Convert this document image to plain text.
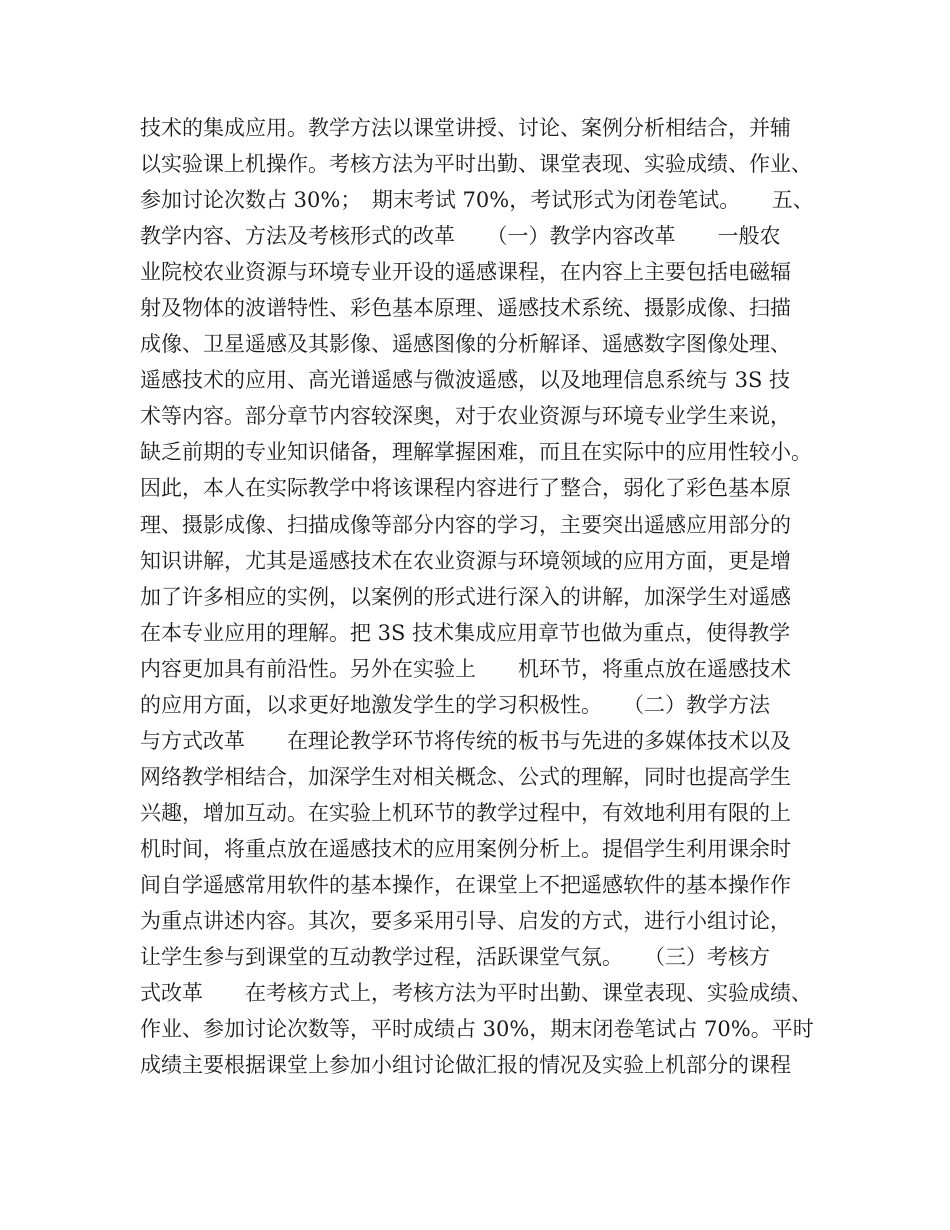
技术的集成应用。教学方法以课堂讲授、讨论、案例分析相结合，并辅
以实验课上机操作。考核方法为平时出勤、课堂表现、实验成绩、作业、
参加讨论次数占 30%；　期末考试 70%，考试形式为闭卷笔试。　　五、
教学内容、方法及考核形式的改革　　（一）教学内容改革　　一般农
业院校农业资源与环境专业开设的遥感课程，在内容上主要包括电磁辐
射及物体的波谱特性、彩色基本原理、遥感技术系统、摄影成像、扫描
成像、卫星遥感及其影像、遥感图像的分析解译、遥感数字图像处理、
遥感技术的应用、高光谱遥感与微波遥感，以及地理信息系统与 3S 技
术等内容。部分章节内容较深奥，对于农业资源与环境专业学生来说，
缺乏前期的专业知识储备，理解掌握困难，而且在实际中的应用性较小。
因此，本人在实际教学中将该课程内容进行了整合，弱化了彩色基本原
理、摄影成像、扫描成像等部分内容的学习，主要突出遥感应用部分的
知识讲解，尤其是遥感技术在农业资源与环境领域的应用方面，更是增
加了许多相应的实例，以案例的形式进行深入的讲解，加深学生对遥感
在本专业应用的理解。把 3S 技术集成应用章节也做为重点，使得教学
内容更加具有前沿性。另外在实验上　　机环节，将重点放在遥感技术
的应用方面，以求更好地激发学生的学习积极性。　　（二）教学方法
与方式改革　　在理论教学环节将传统的板书与先进的多媒体技术以及
网络教学相结合，加深学生对相关概念、公式的理解，同时也提高学生
兴趣，增加互动。在实验上机环节的教学过程中，有效地利用有限的上
机时间，将重点放在遥感技术的应用案例分析上。提倡学生利用课余时
间自学遥感常用软件的基本操作，在课堂上不把遥感软件的基本操作作
为重点讲述内容。其次，要多采用引导、启发的方式，进行小组讨论，
让学生参与到课堂的互动教学过程，活跃课堂气氛。　　（三）考核方
式改革　　在考核方式上，考核方法为平时出勤、课堂表现、实验成绩、
作业、参加讨论次数等，平时成绩占 30%，期末闭卷笔试占 70%。平时
成绩主要根据课堂上参加小组讨论做汇报的情况及实验上机部分的课程
